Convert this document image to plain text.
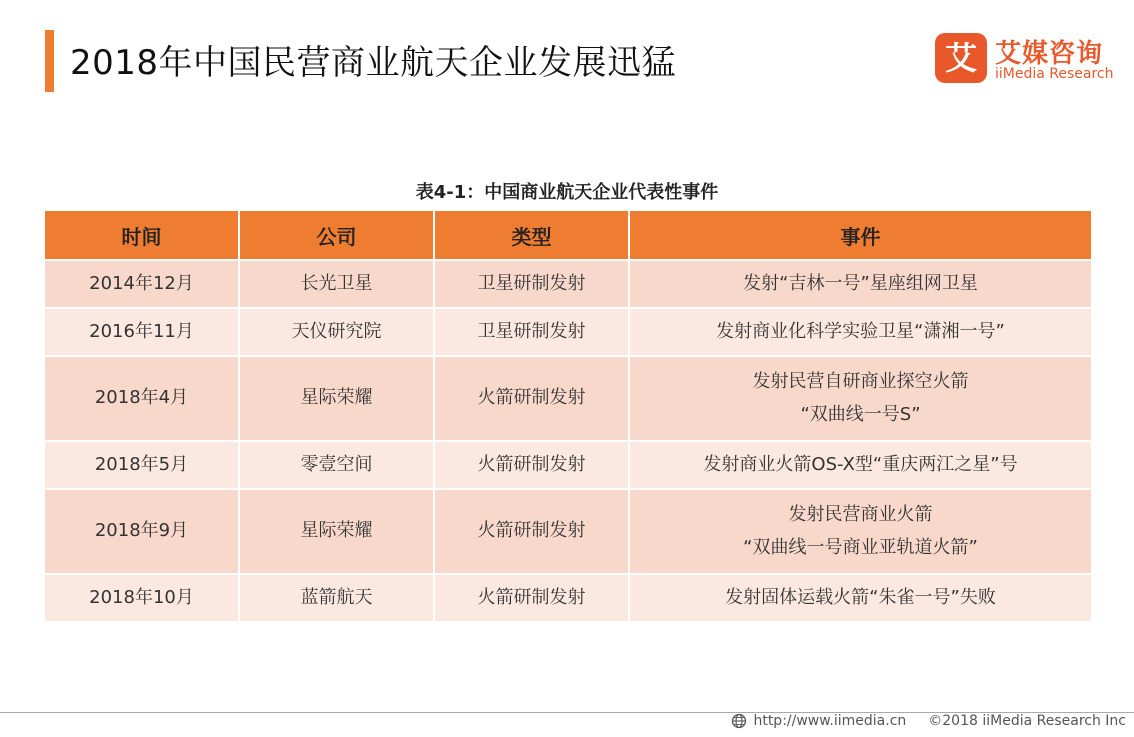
2018年中国民营商业航天企业发展迅猛	艾 艾媒咨询
iiMedia Research
表4-1：中国商业航天企业代表性事件
时间	公司	类型	事件
2014年12月	长光卫星	卫星研制发射	发射“吉林一号”星座组网卫星

2016年11月	天仪研究院	卫星研制发射	发射商业化科学实验卫星“潇湘一号”

2018年4月	星际荣耀	火箭研制发射	发射民营自研商业探空火箭
“双曲线一号S”

2018年5月	零壹空间	火箭研制发射	发射商业火箭OS-X型“重庆两江之星”号

2018年9月	星际荣耀	火箭研制发射	发射民营商业火箭
“双曲线一号商业亚轨道火箭”

2018年10月	蓝箭航天	火箭研制发射	发射固体运载火箭“朱雀一号”失败
http://www.iimedia.cn ©2018 iiMedia Research Inc
